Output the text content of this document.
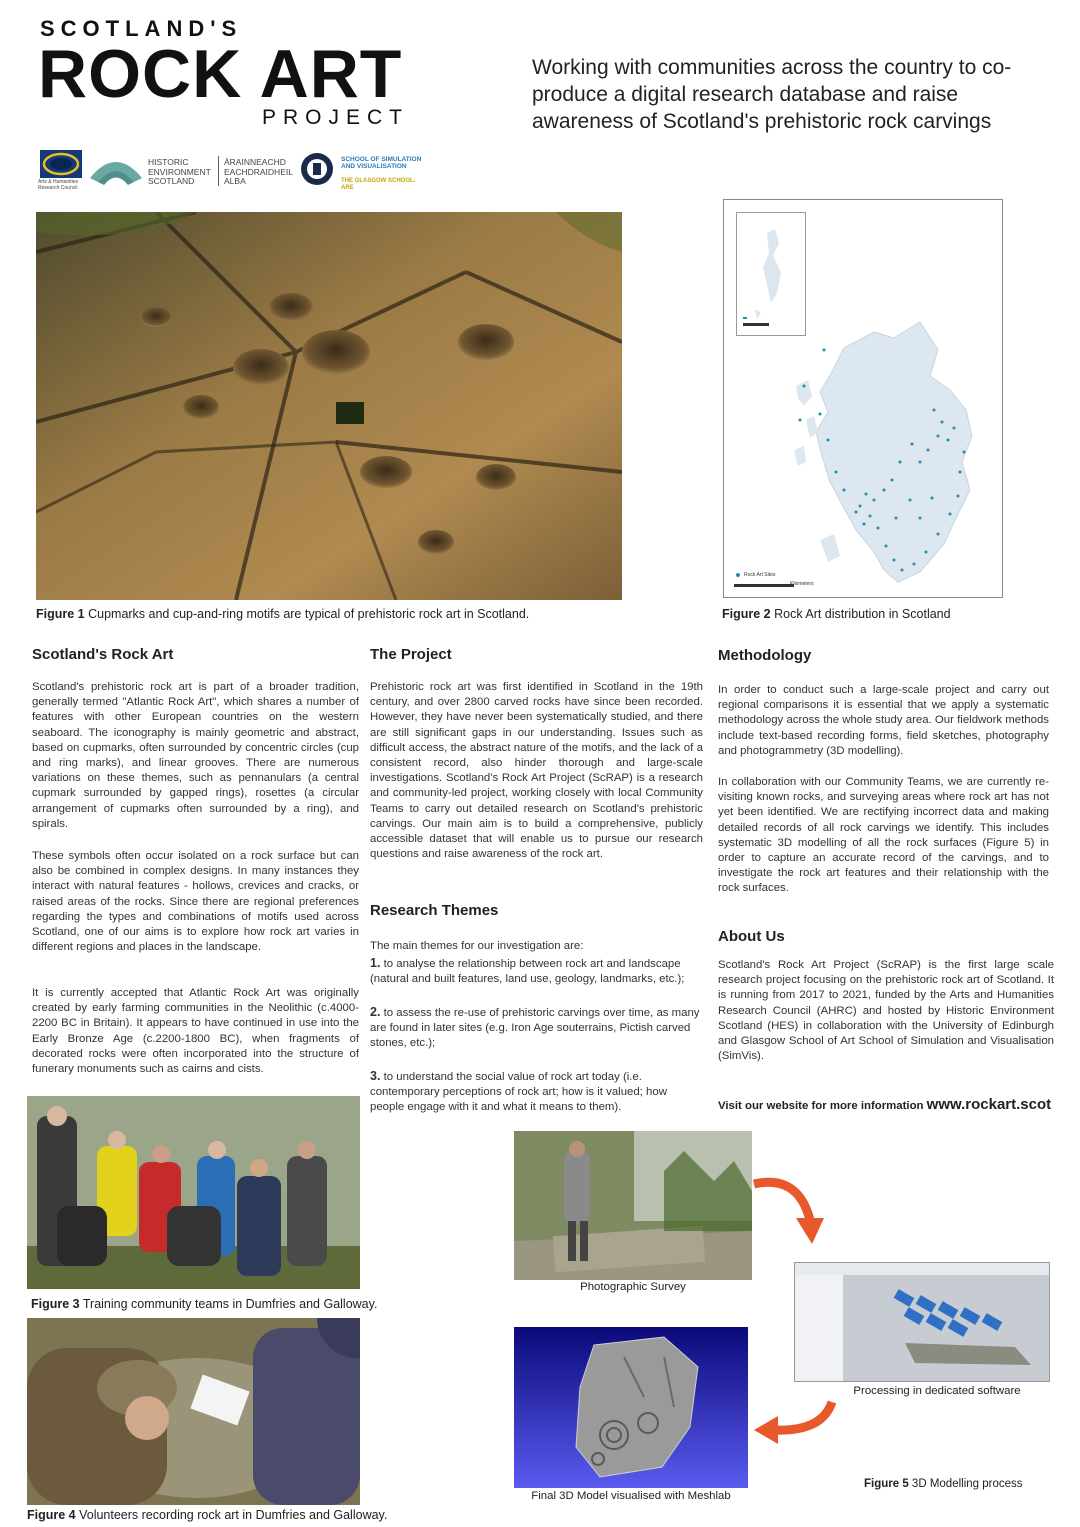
SCOTLAND'S
ROCK ART
PROJECT
Working with communities across the country to co-produce a digital research database and raise awareness of Scotland's prehistoric rock carvings
Arts & Humanities Research Council
HISTORIC ENVIRONMENT SCOTLAND
ÀRAINNEACHD EACHDRAIDHEIL ALBA
SCHOOL OF SIMULATION AND VISUALISATION
THE GLASGOW SCHOOL: ARE
Figure 1 Cupmarks and cup-and-ring motifs are typical of prehistoric rock art in Scotland.
Rock Art Sites
Kilometers
Figure 2 Rock Art distribution in Scotland
Scotland's Rock Art

Scotland's prehistoric rock art is part of a broader tradition, generally termed "Atlantic Rock Art", which shares a number of features with other European countries on the western seaboard. The iconography is mainly geometric and abstract, based on cupmarks, often surrounded by concentric circles (cup and ring marks), and linear grooves. There are numerous variations on these themes, such as pennanulars (a central cupmark surrounded by gapped rings), rosettes (a circular arrangement of cupmarks often surrounded by a ring), and spirals.

These symbols often occur isolated on a rock surface but can also be combined in complex designs. In many instances they interact with natural features - hollows, crevices and cracks, or raised areas of the rocks. Since there are regional preferences regarding the types and combinations of motifs used across Scotland, one of our aims is to explore how rock art varies in different regions and places in the landscape.

It is currently accepted that Atlantic Rock Art was originally created by early farming communities in the Neolithic (c.4000-2200 BC in Britain). It appears to have continued in use into the Early Bronze Age (c.2200-1800 BC), when fragments of decorated rocks were often incorporated into the structure of funerary monuments such as cairns and cists.

Figure 3 Training community teams in Dumfries and Galloway.
Figure 4 Volunteers recording rock art in Dumfries and Galloway.
The Project

Prehistoric rock art was first identified in Scotland in the 19th century, and over 2800 carved rocks have since been recorded. However, they have never been systematically studied, and there are still significant gaps in our understanding. Issues such as difficult access, the abstract nature of the motifs, and the lack of a consistent record, also hinder thorough and large-scale investigations. Scotland's Rock Art Project (ScRAP) is a research and community-led project, working closely with local Community Teams to carry out detailed research on Scotland's prehistoric carvings. Our main aim is to build a comprehensive, publicly accessible dataset that will enable us to pursue our research questions and raise awareness of the rock art.

Research Themes

The main themes for our investigation are:

1. to analyse the relationship between rock art and landscape (natural and built features, land use, geology, landmarks, etc.);

2. to assess the re-use of prehistoric carvings over time, as many are found in later sites (e.g. Iron Age souterrains, Pictish carved stones, etc.);

3. to understand the social value of rock art today (i.e. contemporary perceptions of rock art; how is it valued; how people engage with it and what it means to them).

Methodology

In order to conduct such a large-scale project and carry out regional comparisons it is essential that we apply a systematic methodology across the whole study area. Our fieldwork methods include text-based recording forms, field sketches, photography and photogrammetry (3D modelling).

In collaboration with our Community Teams, we are currently re-visiting known rocks, and surveying areas where rock art has not yet been identified. We are rectifying incorrect data and making detailed records of all rock carvings we identify. This includes systematic 3D modelling of all the rock surfaces (Figure 5) in order to capture an accurate record of the carvings, and to investigate the rock art features and their relationship with the rock surfaces.

About Us

Scotland's Rock Art Project (ScRAP) is the first large scale research project focusing on the prehistoric rock art of Scotland. It is running from 2017 to 2021, funded by the Arts and Humanities Research Council (AHRC) and hosted by Historic Environment Scotland (HES) in collaboration with the University of Edinburgh and Glasgow School of Art School of Simulation and Visualisation (SimVis).

Visit our website for more information www.rockart.scot
Photographic Survey
Processing in dedicated software
Final 3D Model visualised with Meshlab
Figure 5 3D Modelling process
